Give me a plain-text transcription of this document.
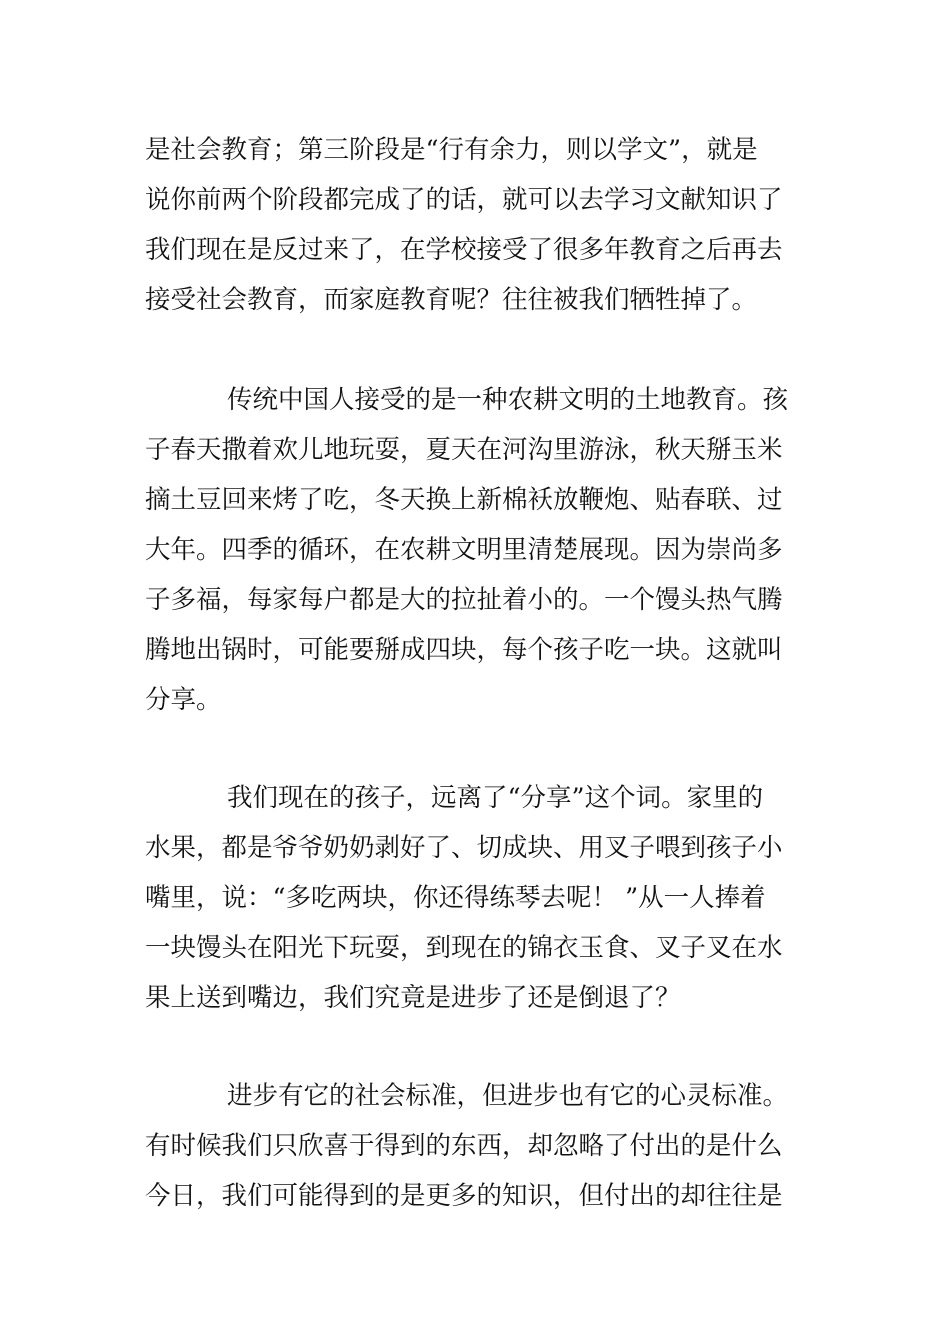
是社会教育；第三阶段是“行有余力，则以学文”，就是
说你前两个阶段都完成了的话，就可以去学习文献知识了
我们现在是反过来了，在学校接受了很多年教育之后再去
接受社会教育，而家庭教育呢？往往被我们牺牲掉了。
传统中国人接受的是一种农耕文明的土地教育。孩
子春天撒着欢儿地玩耍，夏天在河沟里游泳，秋天掰玉米
摘土豆回来烤了吃，冬天换上新棉袄放鞭炮、贴春联、过
大年。四季的循环，在农耕文明里清楚展现。因为崇尚多
子多福，每家每户都是大的拉扯着小的。一个馒头热气腾
腾地出锅时，可能要掰成四块，每个孩子吃一块。这就叫
分享。
我们现在的孩子，远离了“分享”这个词。家里的
水果，都是爷爷奶奶剥好了、切成块、用叉子喂到孩子小
嘴里，说：“多吃两块，你还得练琴去呢！ ”从一人捧着
一块馒头在阳光下玩耍，到现在的锦衣玉食、叉子叉在水
果上送到嘴边，我们究竟是进步了还是倒退了？
进步有它的社会标准，但进步也有它的心灵标准。
有时候我们只欣喜于得到的东西，却忽略了付出的是什么
今日，我们可能得到的是更多的知识，但付出的却往往是
